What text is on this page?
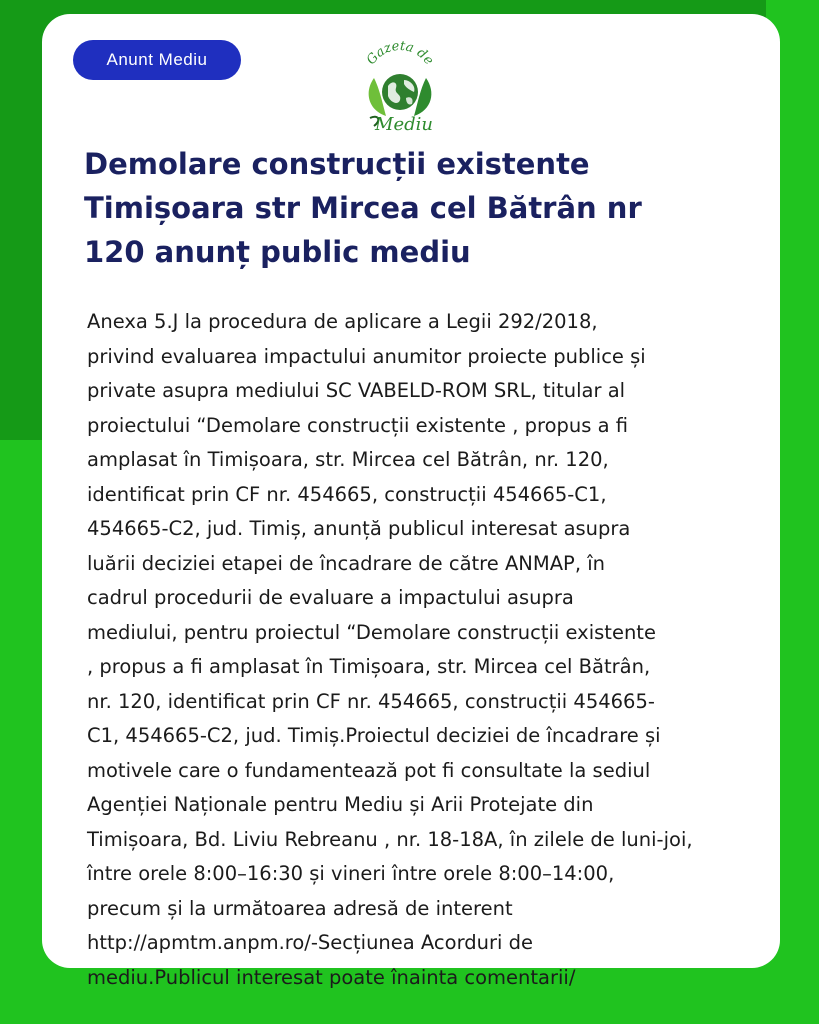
Anunt Mediu	Gazeta de
Mediu
Demolare construcții existente
Timișoara str Mircea cel Bătrân nr
120 anunț public mediu

Anexa 5.J la procedura de aplicare a Legii 292/2018,
privind evaluarea impactului anumitor proiecte publice și
private asupra mediului SC VABELD-ROM SRL, titular al
proiectului “Demolare construcții existente , propus a fi
amplasat în Timișoara, str. Mircea cel Bătrân, nr. 120,
identificat prin CF nr. 454665, construcții 454665-C1,
454665-C2, jud. Timiș, anunță publicul interesat asupra
luării deciziei etapei de încadrare de către ANMAP, în
cadrul procedurii de evaluare a impactului asupra
mediului, pentru proiectul “Demolare construcții existente
, propus a fi amplasat în Timișoara, str. Mircea cel Bătrân,
nr. 120, identificat prin CF nr. 454665, construcții 454665-
C1, 454665-C2, jud. Timiș.Proiectul deciziei de încadrare și
motivele care o fundamentează pot fi consultate la sediul
Agenției Naționale pentru Mediu și Arii Protejate din
Timișoara, Bd. Liviu Rebreanu , nr. 18-18A, în zilele de luni-joi,
între orele 8:00–16:30 și vineri între orele 8:00–14:00,
precum și la următoarea adresă de interent
http://apmtm.anpm.ro/-Secțiunea Acorduri de
mediu.Publicul interesat poate înainta comentarii/
